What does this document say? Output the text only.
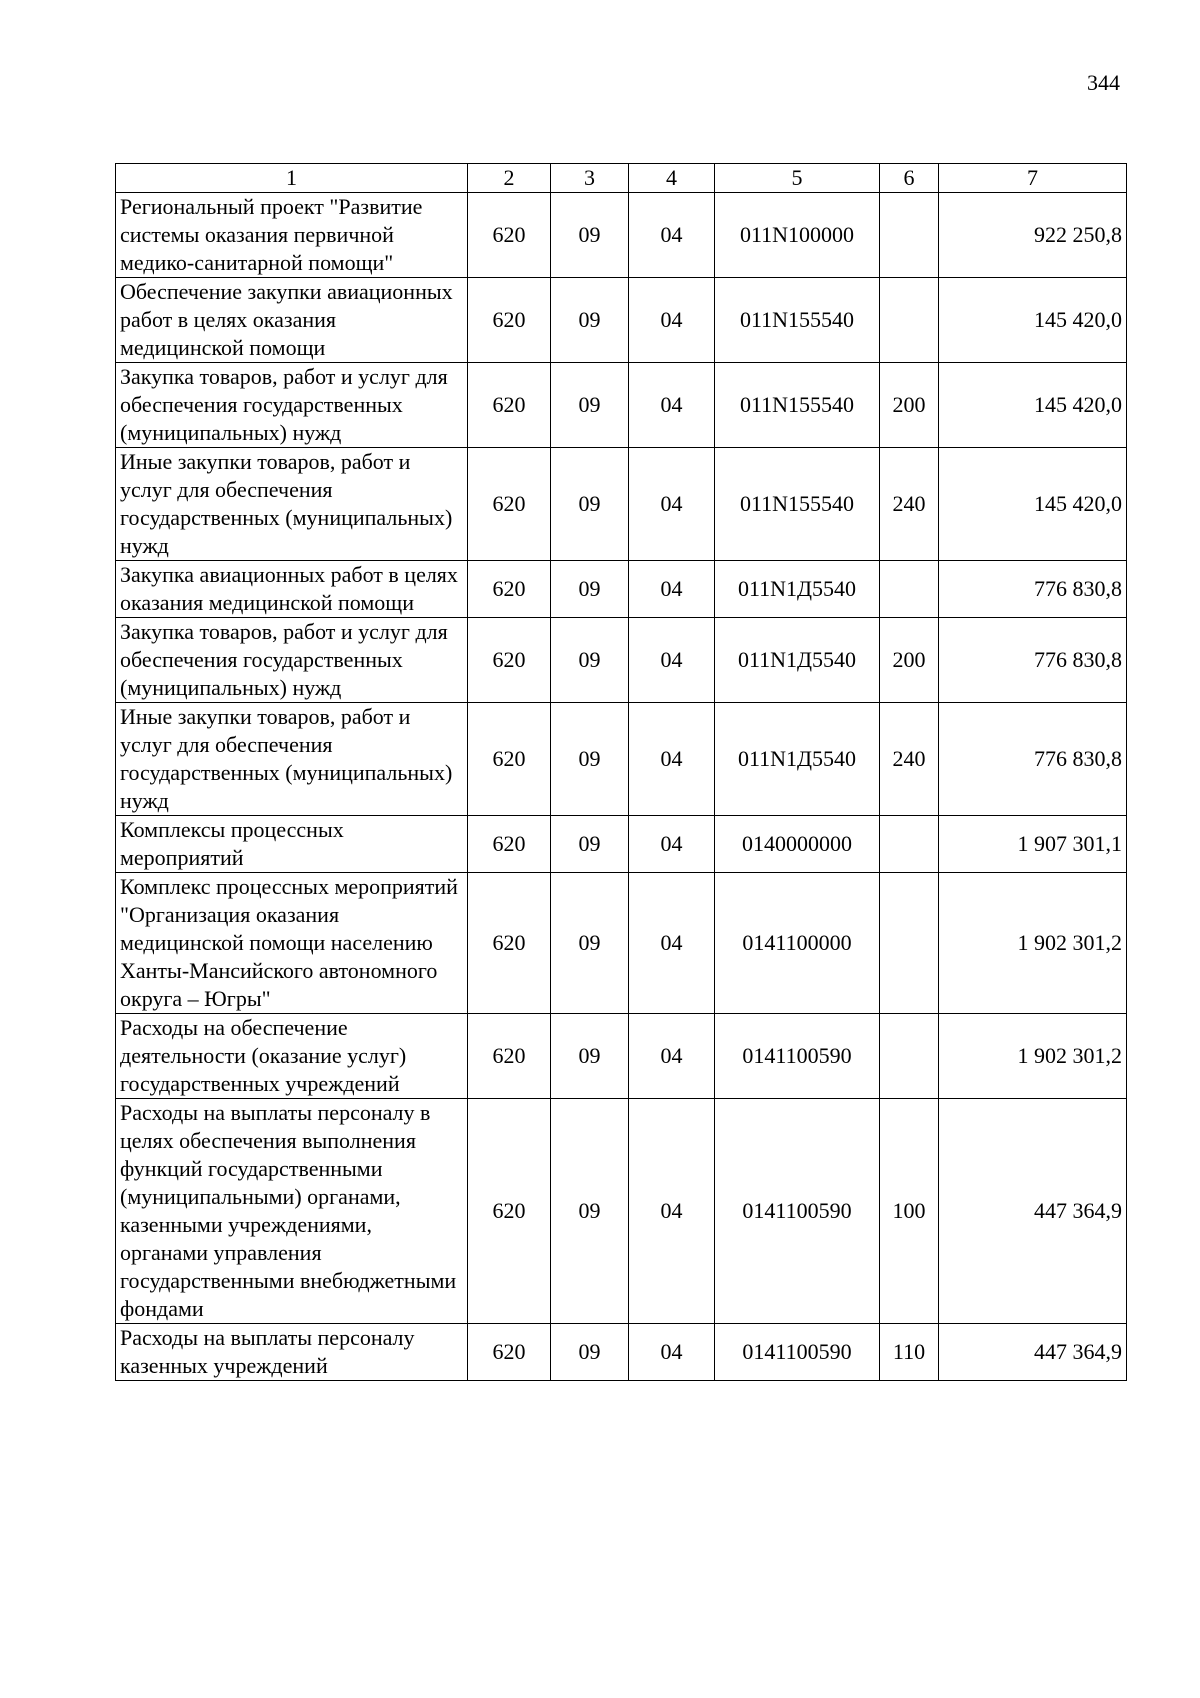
344
1	2	3	4	5	6	7
Региональный проект "Развитие системы оказания первичной медико-санитарной помощи"	620	09	04	011N100000		922 250,8
Обеспечение закупки авиационных работ в целях оказания медицинской помощи	620	09	04	011N155540		145 420,0
Закупка товаров, работ и услуг для обеспечения государственных (муниципальных) нужд	620	09	04	011N155540	200	145 420,0
Иные закупки товаров, работ и услуг для обеспечения государственных (муниципальных) нужд	620	09	04	011N155540	240	145 420,0
Закупка авиационных работ в целях оказания медицинской помощи	620	09	04	011N1Д5540		776 830,8
Закупка товаров, работ и услуг для обеспечения государственных (муниципальных) нужд	620	09	04	011N1Д5540	200	776 830,8
Иные закупки товаров, работ и услуг для обеспечения государственных (муниципальных) нужд	620	09	04	011N1Д5540	240	776 830,8
Комплексы процессных мероприятий	620	09	04	0140000000		1 907 301,1
Комплекс процессных мероприятий "Организация оказания медицинской помощи населению Ханты-Мансийского автономного округа – Югры"	620	09	04	0141100000		1 902 301,2
Расходы на обеспечение деятельности (оказание услуг) государственных учреждений	620	09	04	0141100590		1 902 301,2
Расходы на выплаты персоналу в целях обеспечения выполнения функций государственными (муниципальными) органами, казенными учреждениями, органами управления государственными внебюджетными фондами	620	09	04	0141100590	100	447 364,9
Расходы на выплаты персоналу казенных учреждений	620	09	04	0141100590	110	447 364,9
